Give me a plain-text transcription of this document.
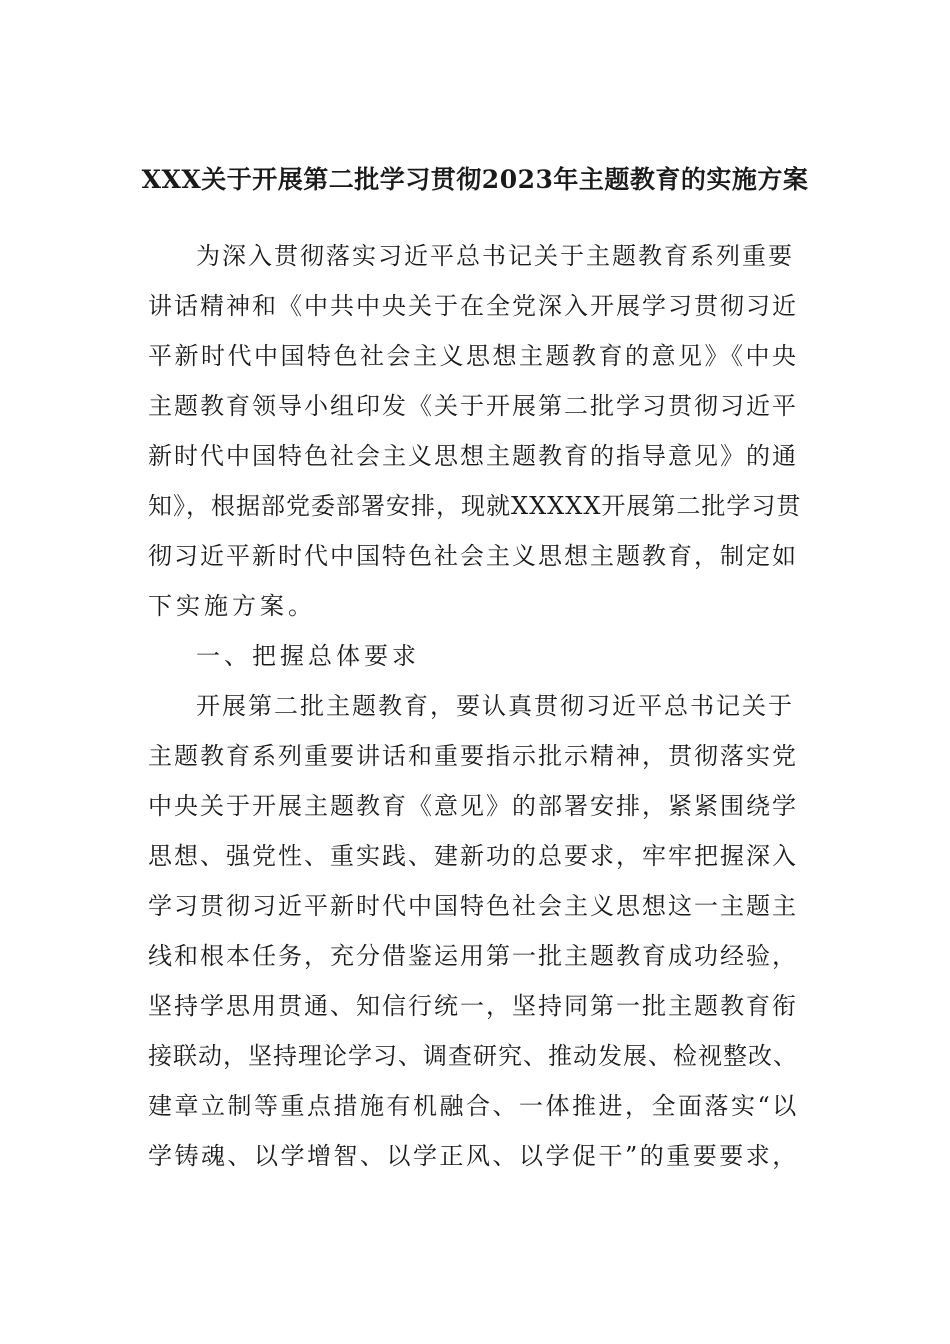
XXX关于开展第二批学习贯彻2023年主题教育的实施方案
为深入贯彻落实习近平总书记关于主题教育系列重要
讲话精神和《中共中央关于在全党深入开展学习贯彻习近
平新时代中国特色社会主义思想主题教育的意见》《中央
主题教育领导小组印发《关于开展第二批学习贯彻习近平
新时代中国特色社会主义思想主题教育的指导意见》的通
知》，根据部党委部署安排，现就XXXXX开展第二批学习贯
彻习近平新时代中国特色社会主义思想主题教育，制定如
下实施方案。
一、把握总体要求
开展第二批主题教育，要认真贯彻习近平总书记关于
主题教育系列重要讲话和重要指示批示精神，贯彻落实党
中央关于开展主题教育《意见》的部署安排，紧紧围绕学
思想、强党性、重实践、建新功的总要求，牢牢把握深入
学习贯彻习近平新时代中国特色社会主义思想这一主题主
线和根本任务，充分借鉴运用第一批主题教育成功经验，
坚持学思用贯通、知信行统一，坚持同第一批主题教育衔
接联动，坚持理论学习、调查研究、推动发展、检视整改、
建章立制等重点措施有机融合、一体推进，全面落实“以
学铸魂、以学增智、以学正风、以学促干”的重要要求，
